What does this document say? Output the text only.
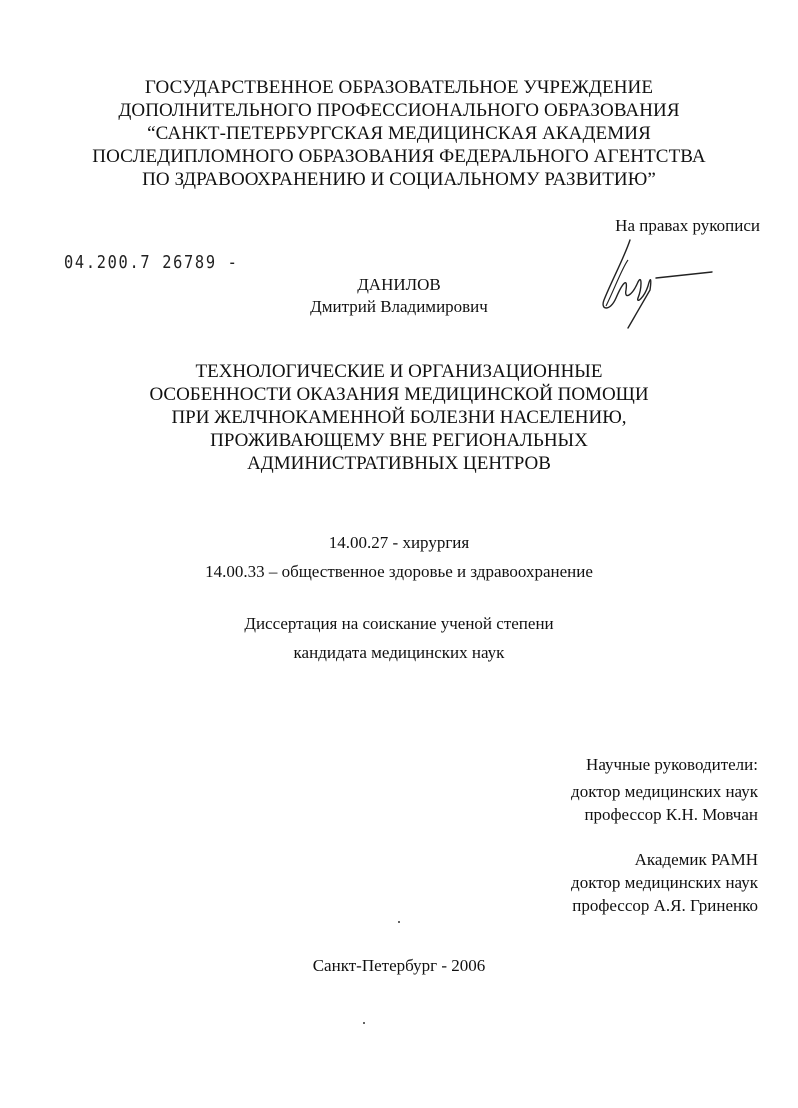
ГОСУДАРСТВЕННОЕ ОБРАЗОВАТЕЛЬНОЕ УЧРЕЖДЕНИЕ
ДОПОЛНИТЕЛЬНОГО ПРОФЕССИОНАЛЬНОГО ОБРАЗОВАНИЯ
“САНКТ-ПЕТЕРБУРГСКАЯ МЕДИЦИНСКАЯ АКАДЕМИЯ
ПОСЛЕДИПЛОМНОГО ОБРАЗОВАНИЯ ФЕДЕРАЛЬНОГО АГЕНТСТВА
ПО ЗДРАВООХРАНЕНИЮ И СОЦИАЛЬНОМУ РАЗВИТИЮ”
На правах рукописи
04.200.7 26789 -
ДАНИЛОВ
Дмитрий Владимирович
ТЕХНОЛОГИЧЕСКИЕ И ОРГАНИЗАЦИОННЫЕ
ОСОБЕННОСТИ ОКАЗАНИЯ МЕДИЦИНСКОЙ ПОМОЩИ
ПРИ ЖЕЛЧНОКАМЕННОЙ БОЛЕЗНИ НАСЕЛЕНИЮ,
ПРОЖИВАЮЩЕМУ ВНЕ РЕГИОНАЛЬНЫХ
АДМИНИСТРАТИВНЫХ ЦЕНТРОВ
14.00.27 - хирургия
14.00.33 – общественное здоровье и здравоохранение
Диссертация на соискание ученой степени
кандидата медицинских наук
Научные руководители:
доктор медицинских наук
профессор К.Н. Мовчан
Академик РАМН
доктор медицинских наук
профессор А.Я. Гриненко
Санкт-Петербург - 2006
